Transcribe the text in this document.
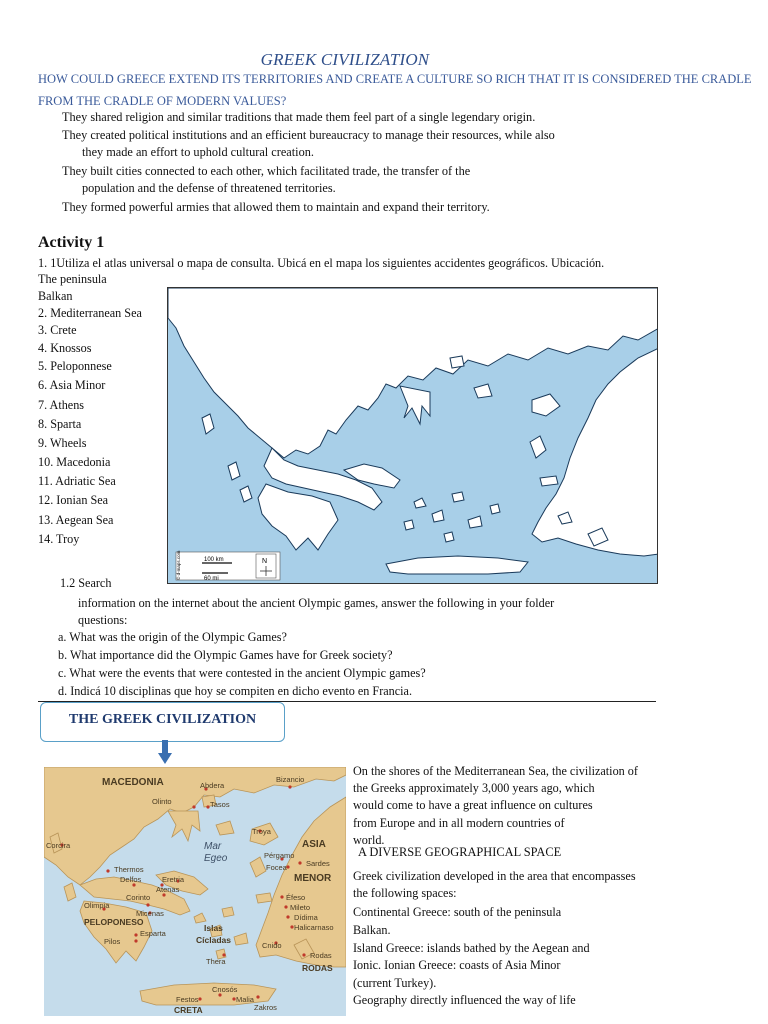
GREEK CIVILIZATION
HOW COULD GREECE EXTEND ITS TERRITORIES AND CREATE A CULTURE SO RICH THAT IT IS CONSIDERED THE CRADLE
FROM THE CRADLE OF MODERN VALUES?
They shared religion and similar traditions that made them feel part of a single legendary origin.
They created political institutions and an efficient bureaucracy to manage their resources, while also
they made an effort to uphold cultural creation.
They built cities connected to each other, which facilitated trade, the transfer of the
population and the defense of threatened territories.
They formed powerful armies that allowed them to maintain and expand their territory.
Activity 1
1. 1Utiliza el atlas universal o mapa de consulta. Ubicá en el mapa los siguientes accidentes geográficos. Ubicación.
The peninsula
Balkan
2. Mediterranean Sea
3. Crete
4. Knossos
5. Peloponnese
6. Asia Minor
7. Athens
8. Sparta
9. Wheels
10. Macedonia
11. Adriatic Sea
12. Ionian Sea
13. Aegean Sea
14. Troy
100 km
60 mi
N
© d-maps.com
1.2 Search
information on the internet about the ancient Olympic games, answer the following in your folder
questions:
a. What was the origin of the Olympic Games?
b. What importance did the Olympic Games have for Greek society?
c. What were the events that were contested in the ancient Olympic games?
d. Indicá 10 disciplinas que hoy se compiten en dicho evento en Francia.
THE GREEK CIVILIZATION
MACEDONIA	Abdera
Bizancio
Olinto	Tasos
Troya
Corcira	Mar
Egeo
ASIA
Pérgamo
Sardes
Focea
MENOR
Thermos
Delfos	Eretria
Atenas
Corinto
Olimpia
Micenas
Éfeso
Mileto
Dídima
Halicarnaso
PELOPONESO
Esparta
Pilos
Islas
Cícladas
Cnido
Rodas
RODAS
Thera
Cnosós
Festos	Malia
Zakros
CRETA
On the shores of the Mediterranean Sea, the civilization of
the Greeks approximately 3,000 years ago, which
would come to have a great influence on cultures
from Europe and in all modern countries of
world.
A DIVERSE GEOGRAPHICAL SPACE
Greek civilization developed in the area that encompasses
the following spaces:
Continental Greece: south of the peninsula
Balkan.
Island Greece: islands bathed by the Aegean and
Ionic. Ionian Greece: coasts of Asia Minor
(current Turkey).
Geography directly influenced the way of life
